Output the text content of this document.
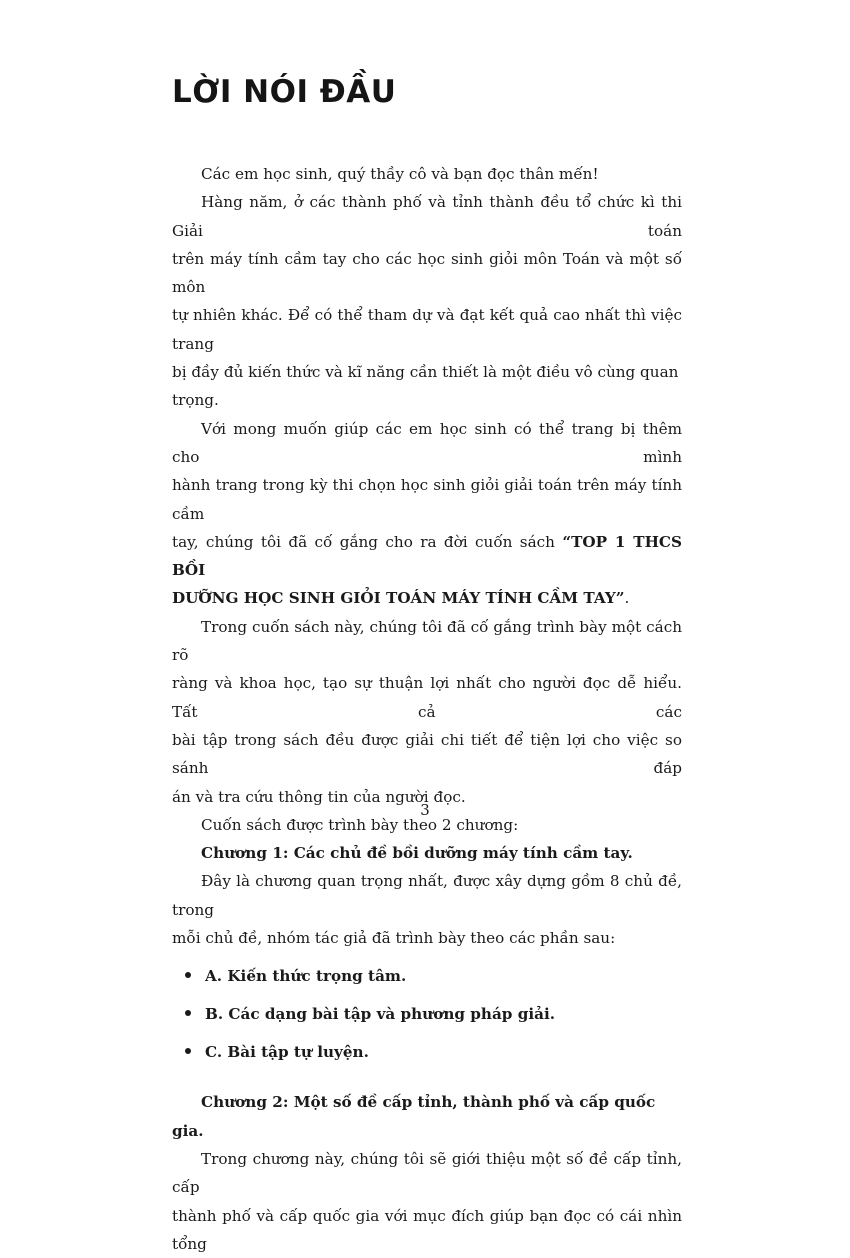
LỜI NÓI ĐẦU

Các em học sinh, quý thầy cô và bạn đọc thân mến!

Hàng năm, ở các thành phố và tỉnh thành đều tổ chức kì thi Giải toán

trên máy tính cầm tay cho các học sinh giỏi môn Toán và một số môn

tự nhiên khác. Để có thể tham dự và đạt kết quả cao nhất thì việc trang

bị đầy đủ kiến thức và kĩ năng cần thiết là một điều vô cùng quan trọng.

Với mong muốn giúp các em học sinh có thể trang bị thêm cho mình

hành trang trong kỳ thi chọn học sinh giỏi giải toán trên máy tính cầm

tay, chúng tôi đã cố gắng cho ra đời cuốn sách “TOP 1 THCS BỒI

DƯỠNG HỌC SINH GIỎI TOÁN MÁY TÍNH CẦM TAY”.

Trong cuốn sách này, chúng tôi đã cố gắng trình bày một cách rõ

ràng và khoa học, tạo sự thuận lợi nhất cho người đọc dễ hiểu. Tất cả các

bài tập trong sách đều được giải chi tiết để tiện lợi cho việc so sánh đáp

án và tra cứu thông tin của người đọc.

Cuốn sách được trình bày theo 2 chương:

Chương 1: Các chủ đề bồi dưỡng máy tính cầm tay.

Đây là chương quan trọng nhất, được xây dựng gồm 8 chủ đề, trong

mỗi chủ đề, nhóm tác giả đã trình bày theo các phần sau:

A. Kiến thức trọng tâm.
B. Các dạng bài tập và phương pháp giải.
C. Bài tập tự luyện.

Chương 2: Một số đề cấp tỉnh, thành phố và cấp quốc gia.

Trong chương này, chúng tôi sẽ giới thiệu một số đề cấp tỉnh, cấp

thành phố và cấp quốc gia với mục đích giúp bạn đọc có cái nhìn tổng

3
